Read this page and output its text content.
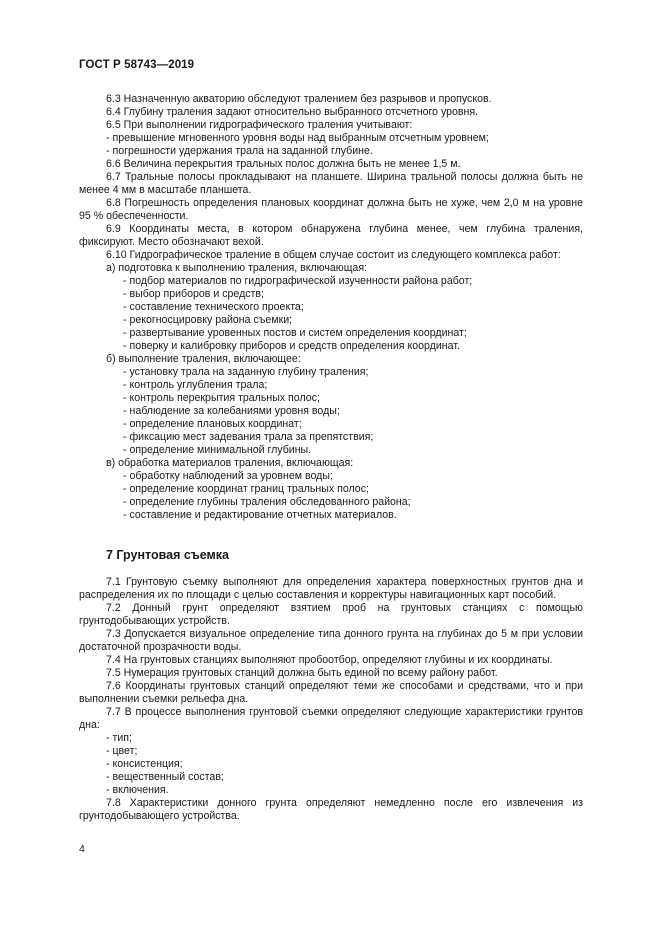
ГОСТ Р 58743—2019

6.3 Назначенную акваторию обследуют тралением без разрывов и пропусков.

6.4 Глубину траления задают относительно выбранного отсчетного уровня.

6.5 При выполнении гидрографического траления учитывают:

- превышение мгновенного уровня воды над выбранным отсчетным уровнем;

- погрешности удержания трала на заданной глубине.

6.6 Величина перекрытия тральных полос должна быть не менее 1,5 м.

6.7 Тральные полосы прокладывают на планшете. Ширина тральной полосы должна быть не менее 4 мм в масштабе планшета.

6.8 Погрешность определения плановых координат должна быть не хуже, чем 2,0 м на уровне 95 % обеспеченности.

6.9 Координаты места, в котором обнаружена глубина менее, чем глубина траления, фиксируют. Место обозначают вехой.

6.10 Гидрографическое траление в общем случае состоит из следующего комплекса работ:

а) подготовка к выполнению траления, включающая:

- подбор материалов по гидрографической изученности района работ;

- выбор приборов и средств;

- составление технического проекта;

- рекогносцировку района съемки;

- развертывание уровенных постов и систем определения координат;

- поверку и калибровку приборов и средств определения координат.

б) выполнение траления, включающее:

- установку трала на заданную глубину траления;

- контроль углубления трала;

- контроль перекрытия тральных полос;

- наблюдение за колебаниями уровня воды;

- определение плановых координат;

- фиксацию мест задевания трала за препятствия;

- определение минимальной глубины.

в) обработка материалов траления, включающая:

- обработку наблюдений за уровнем воды;

- определение координат границ тральных полос;

- определение глубины траления обследованного района;

- составление и редактирование отчетных материалов.

7 Грунтовая съемка

7.1 Грунтовую съемку выполняют для определения характера поверхностных грунтов дна и распределения их по площади с целью составления и корректуры навигационных карт пособий.

7.2 Донный грунт определяют взятием проб на грунтовых станциях с помощью грунтодобывающих устройств.

7.3 Допускается визуальное определение типа донного грунта на глубинах до 5 м при условии достаточной прозрачности воды.

7.4 На грунтовых станциях выполняют пробоотбор, определяют глубины и их координаты.

7.5 Нумерация грунтовых станций должна быть единой по всему району работ.

7.6 Координаты грунтовых станций определяют теми же способами и средствами, что и при выполнении съемки рельефа дна.

7.7 В процессе выполнения грунтовой съемки определяют следующие характеристики грунтов дна:

- тип;

- цвет;

- консистенция;

- вещественный состав;

- включения.

7.8 Характеристики донного грунта определяют немедленно после его извлечения из грунтодобывающего устройства.

4
